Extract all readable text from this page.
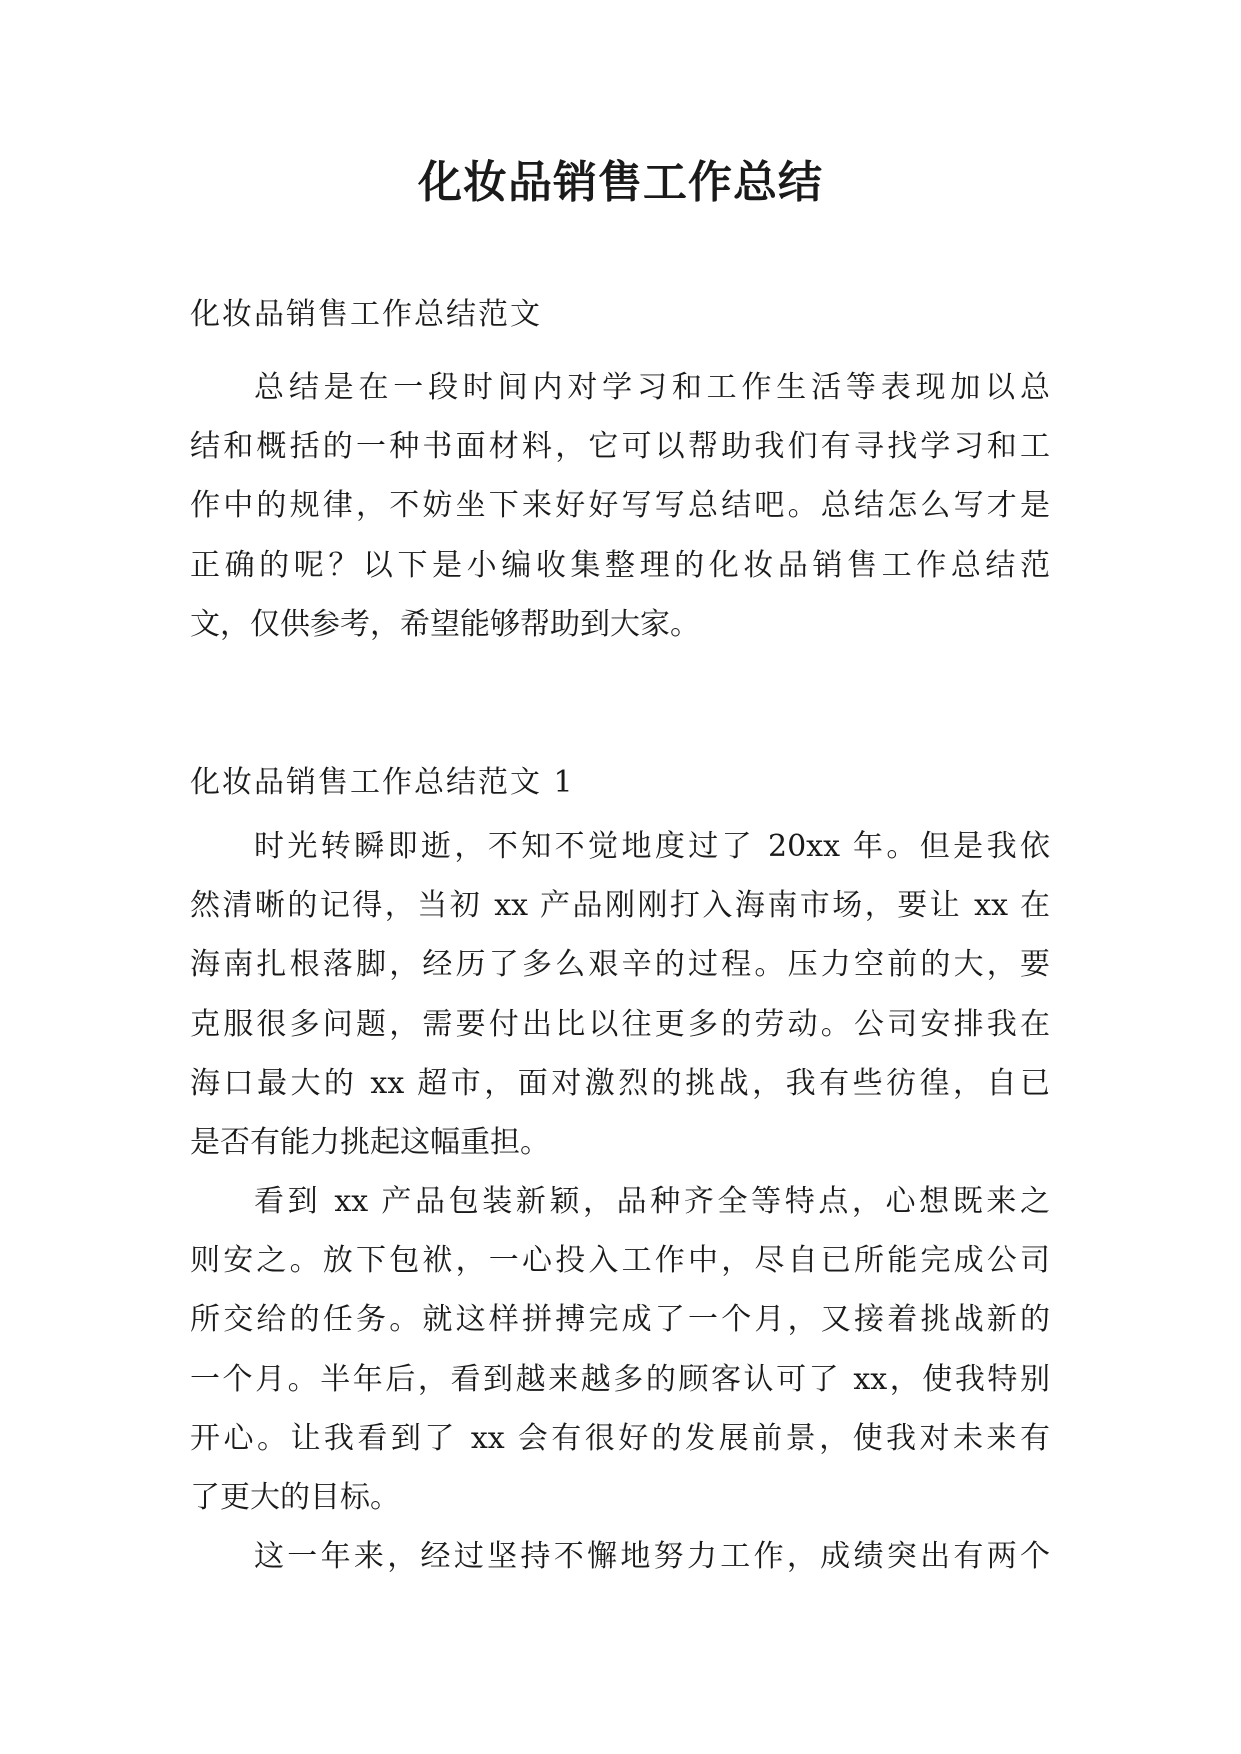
化妆品销售工作总结

化妆品销售工作总结范文

总结是在一段时间内对学习和工作生活等表现加以总
结和概括的一种书面材料，它可以帮助我们有寻找学习和工
作中的规律，不妨坐下来好好写写总结吧。总结怎么写才是
正确的呢？以下是小编收集整理的化妆品销售工作总结范
文，仅供参考，希望能够帮助到大家。

化妆品销售工作总结范文 1

时光转瞬即逝，不知不觉地度过了 20xx 年。但是我依
然清晰的记得，当初 xx 产品刚刚打入海南市场，要让 xx 在
海南扎根落脚，经历了多么艰辛的过程。压力空前的大，要
克服很多问题，需要付出比以往更多的劳动。公司安排我在
海口最大的 xx 超市，面对激烈的挑战，我有些彷徨，自已
是否有能力挑起这幅重担。
看到 xx 产品包装新颖，品种齐全等特点，心想既来之
则安之。放下包袱，一心投入工作中，尽自已所能完成公司
所交给的任务。就这样拼搏完成了一个月，又接着挑战新的
一个月。半年后，看到越来越多的顾客认可了 xx，使我特别
开心。让我看到了 xx 会有很好的发展前景，使我对未来有
了更大的目标。
这一年来，经过坚持不懈地努力工作，成绩突出有两个
